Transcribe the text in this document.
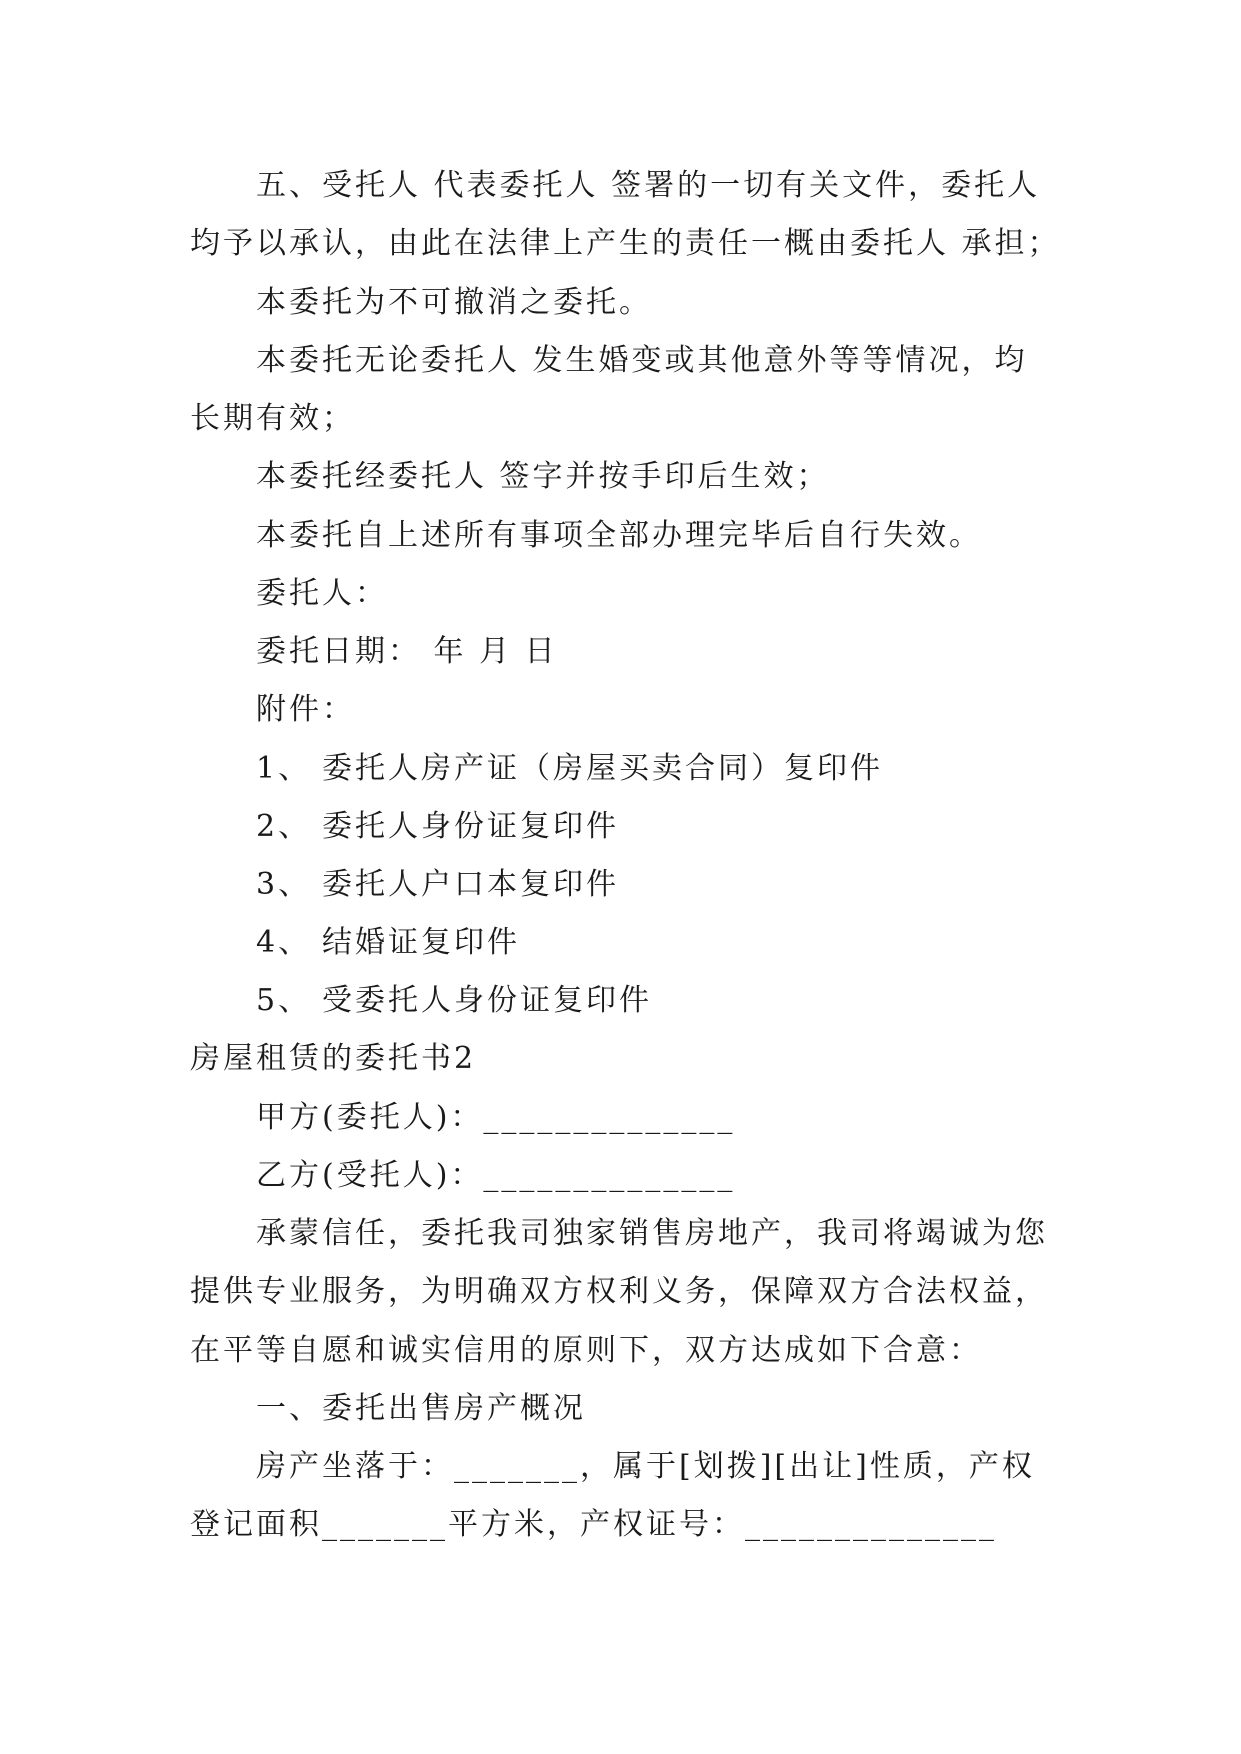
五、受托人 代表委托人 签署的一切有关文件，委托人
均予以承认，由此在法律上产生的责任一概由委托人 承担；
本委托为不可撤消之委托。
本委托无论委托人 发生婚变或其他意外等等情况，均
长期有效；
本委托经委托人 签字并按手印后生效；
本委托自上述所有事项全部办理完毕后自行失效。
委托人：
委托日期： 年 月 日
附件：
1、 委托人房产证（房屋买卖合同）复印件
2、 委托人身份证复印件
3、 委托人户口本复印件
4、 结婚证复印件
5、 受委托人身份证复印件
房屋租赁的委托书2
甲方(委托人)：______________
乙方(受托人)：______________
承蒙信任，委托我司独家销售房地产，我司将竭诚为您
提供专业服务，为明确双方权利义务，保障双方合法权益，
在平等自愿和诚实信用的原则下，双方达成如下合意：
一、委托出售房产概况
房产坐落于：_______，属于[划拨][出让]性质，产权
登记面积_______平方米，产权证号：______________
